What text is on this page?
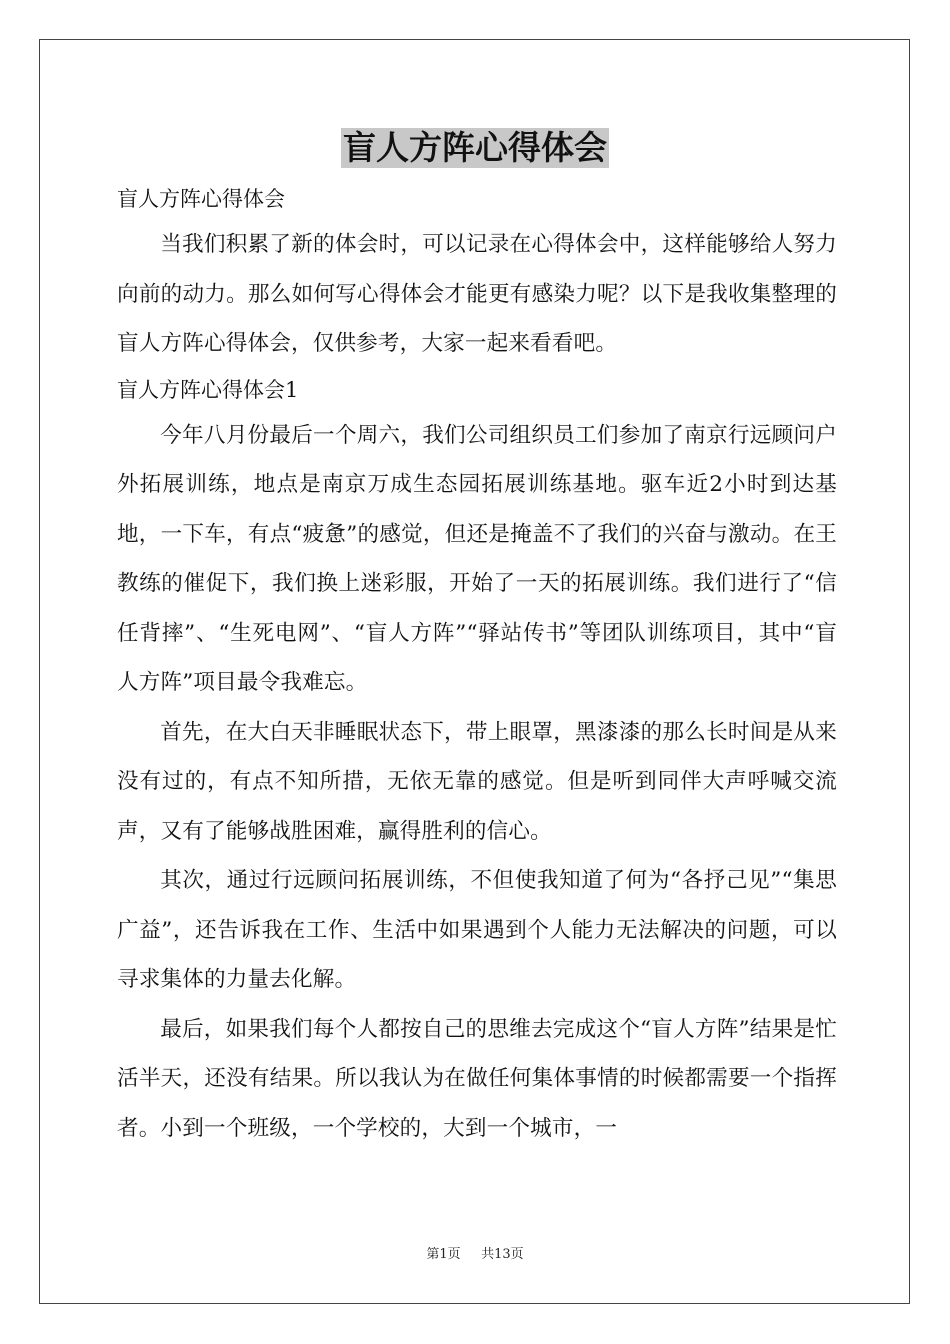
盲人方阵心得体会
盲人方阵心得体会

当我们积累了新的体会时，可以记录在心得体会中，这样能够给人努力向前的动力。那么如何写心得体会才能更有感染力呢？以下是我收集整理的盲人方阵心得体会，仅供参考，大家一起来看看吧。

盲人方阵心得体会1

今年八月份最后一个周六，我们公司组织员工们参加了南京行远顾问户外拓展训练，地点是南京万成生态园拓展训练基地。驱车近2小时到达基地，一下车，有点“疲惫”的感觉，但还是掩盖不了我们的兴奋与激动。在王教练的催促下，我们换上迷彩服，开始了一天的拓展训练。我们进行了“信任背摔”、“生死电网”、“盲人方阵”“驿站传书”等团队训练项目，其中“盲人方阵”项目最令我难忘。

首先，在大白天非睡眠状态下，带上眼罩，黑漆漆的那么长时间是从来没有过的，有点不知所措，无依无靠的感觉。但是听到同伴大声呼喊交流声，又有了能够战胜困难，赢得胜利的信心。

其次，通过行远顾问拓展训练，不但使我知道了何为“各抒己见”“集思广益”，还告诉我在工作、生活中如果遇到个人能力无法解决的问题，可以寻求集体的力量去化解。

最后，如果我们每个人都按自己的思维去完成这个“盲人方阵”结果是忙活半天，还没有结果。所以我认为在做任何集体事情的时候都需要一个指挥者。小到一个班级，一个学校的，大到一个城市，一

第1页 共13页
